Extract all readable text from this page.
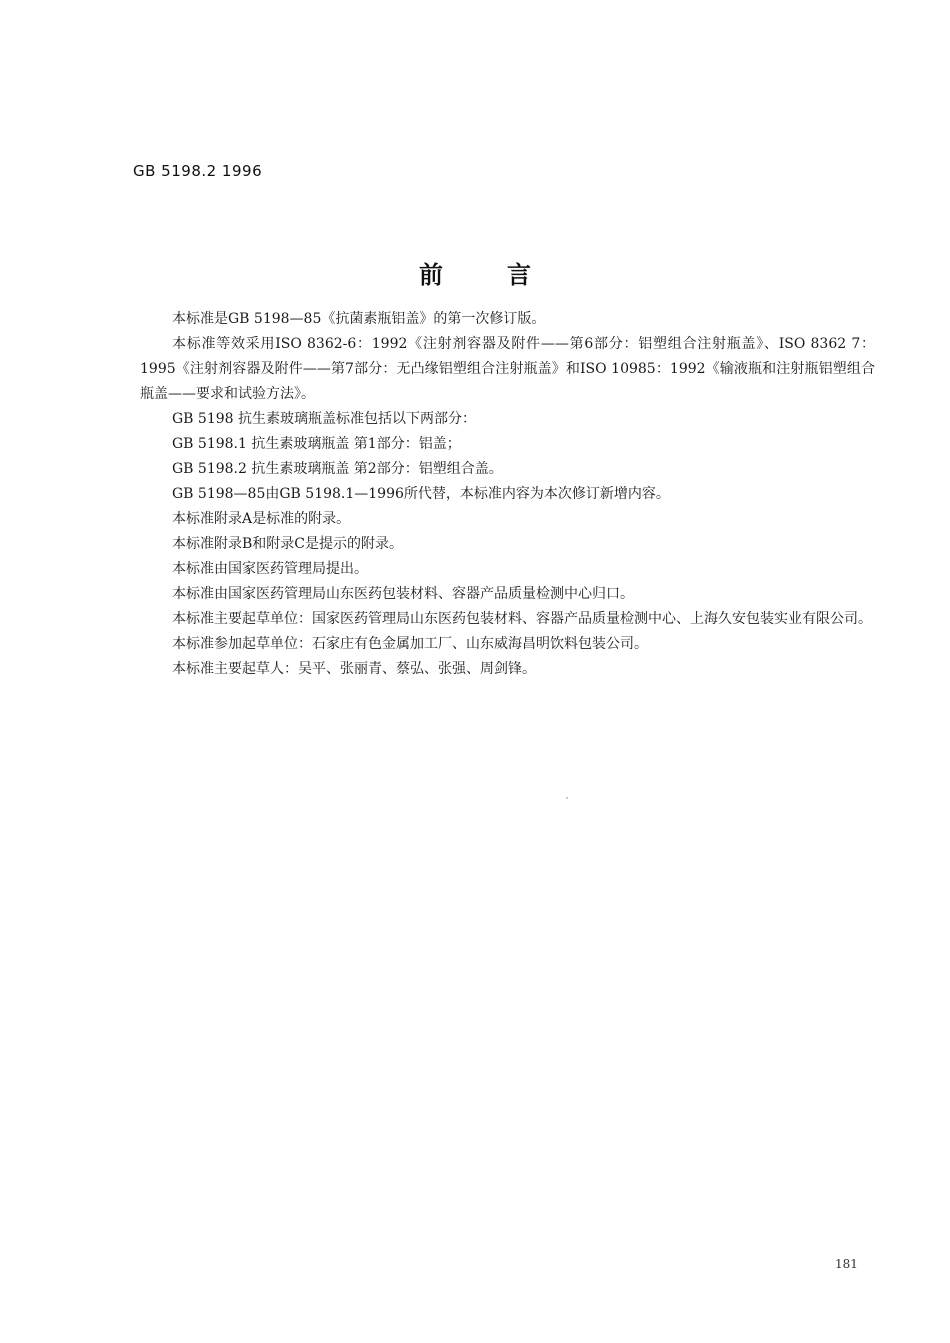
GB 5198.2 1996
前言

本标准是GB 5198—85《抗菌素瓶铝盖》的第一次修订版。

本标准等效采用ISO 8362-6：1992《注射剂容器及附件——第6部分：铝塑组合注射瓶盖》、ISO 8362 7：1995《注射剂容器及附件——第7部分：无凸缘铝塑组合注射瓶盖》和ISO 10985：1992《输液瓶和注射瓶铝塑组合瓶盖——要求和试验方法》。

GB 5198 抗生素玻璃瓶盖标准包括以下两部分：

GB 5198.1 抗生素玻璃瓶盖 第1部分：铝盖；

GB 5198.2 抗生素玻璃瓶盖 第2部分：铝塑组合盖。

GB 5198—85由GB 5198.1—1996所代替，本标准内容为本次修订新增内容。

本标准附录A是标准的附录。

本标准附录B和附录C是提示的附录。

本标准由国家医药管理局提出。

本标准由国家医药管理局山东医药包装材料、容器产品质量检测中心归口。

本标准主要起草单位：国家医药管理局山东医药包装材料、容器产品质量检测中心、上海久安包装实业有限公司。

本标准参加起草单位：石家庄有色金属加工厂、山东威海昌明饮料包装公司。

本标准主要起草人：吴平、张丽青、蔡弘、张强、周剑锋。

181
